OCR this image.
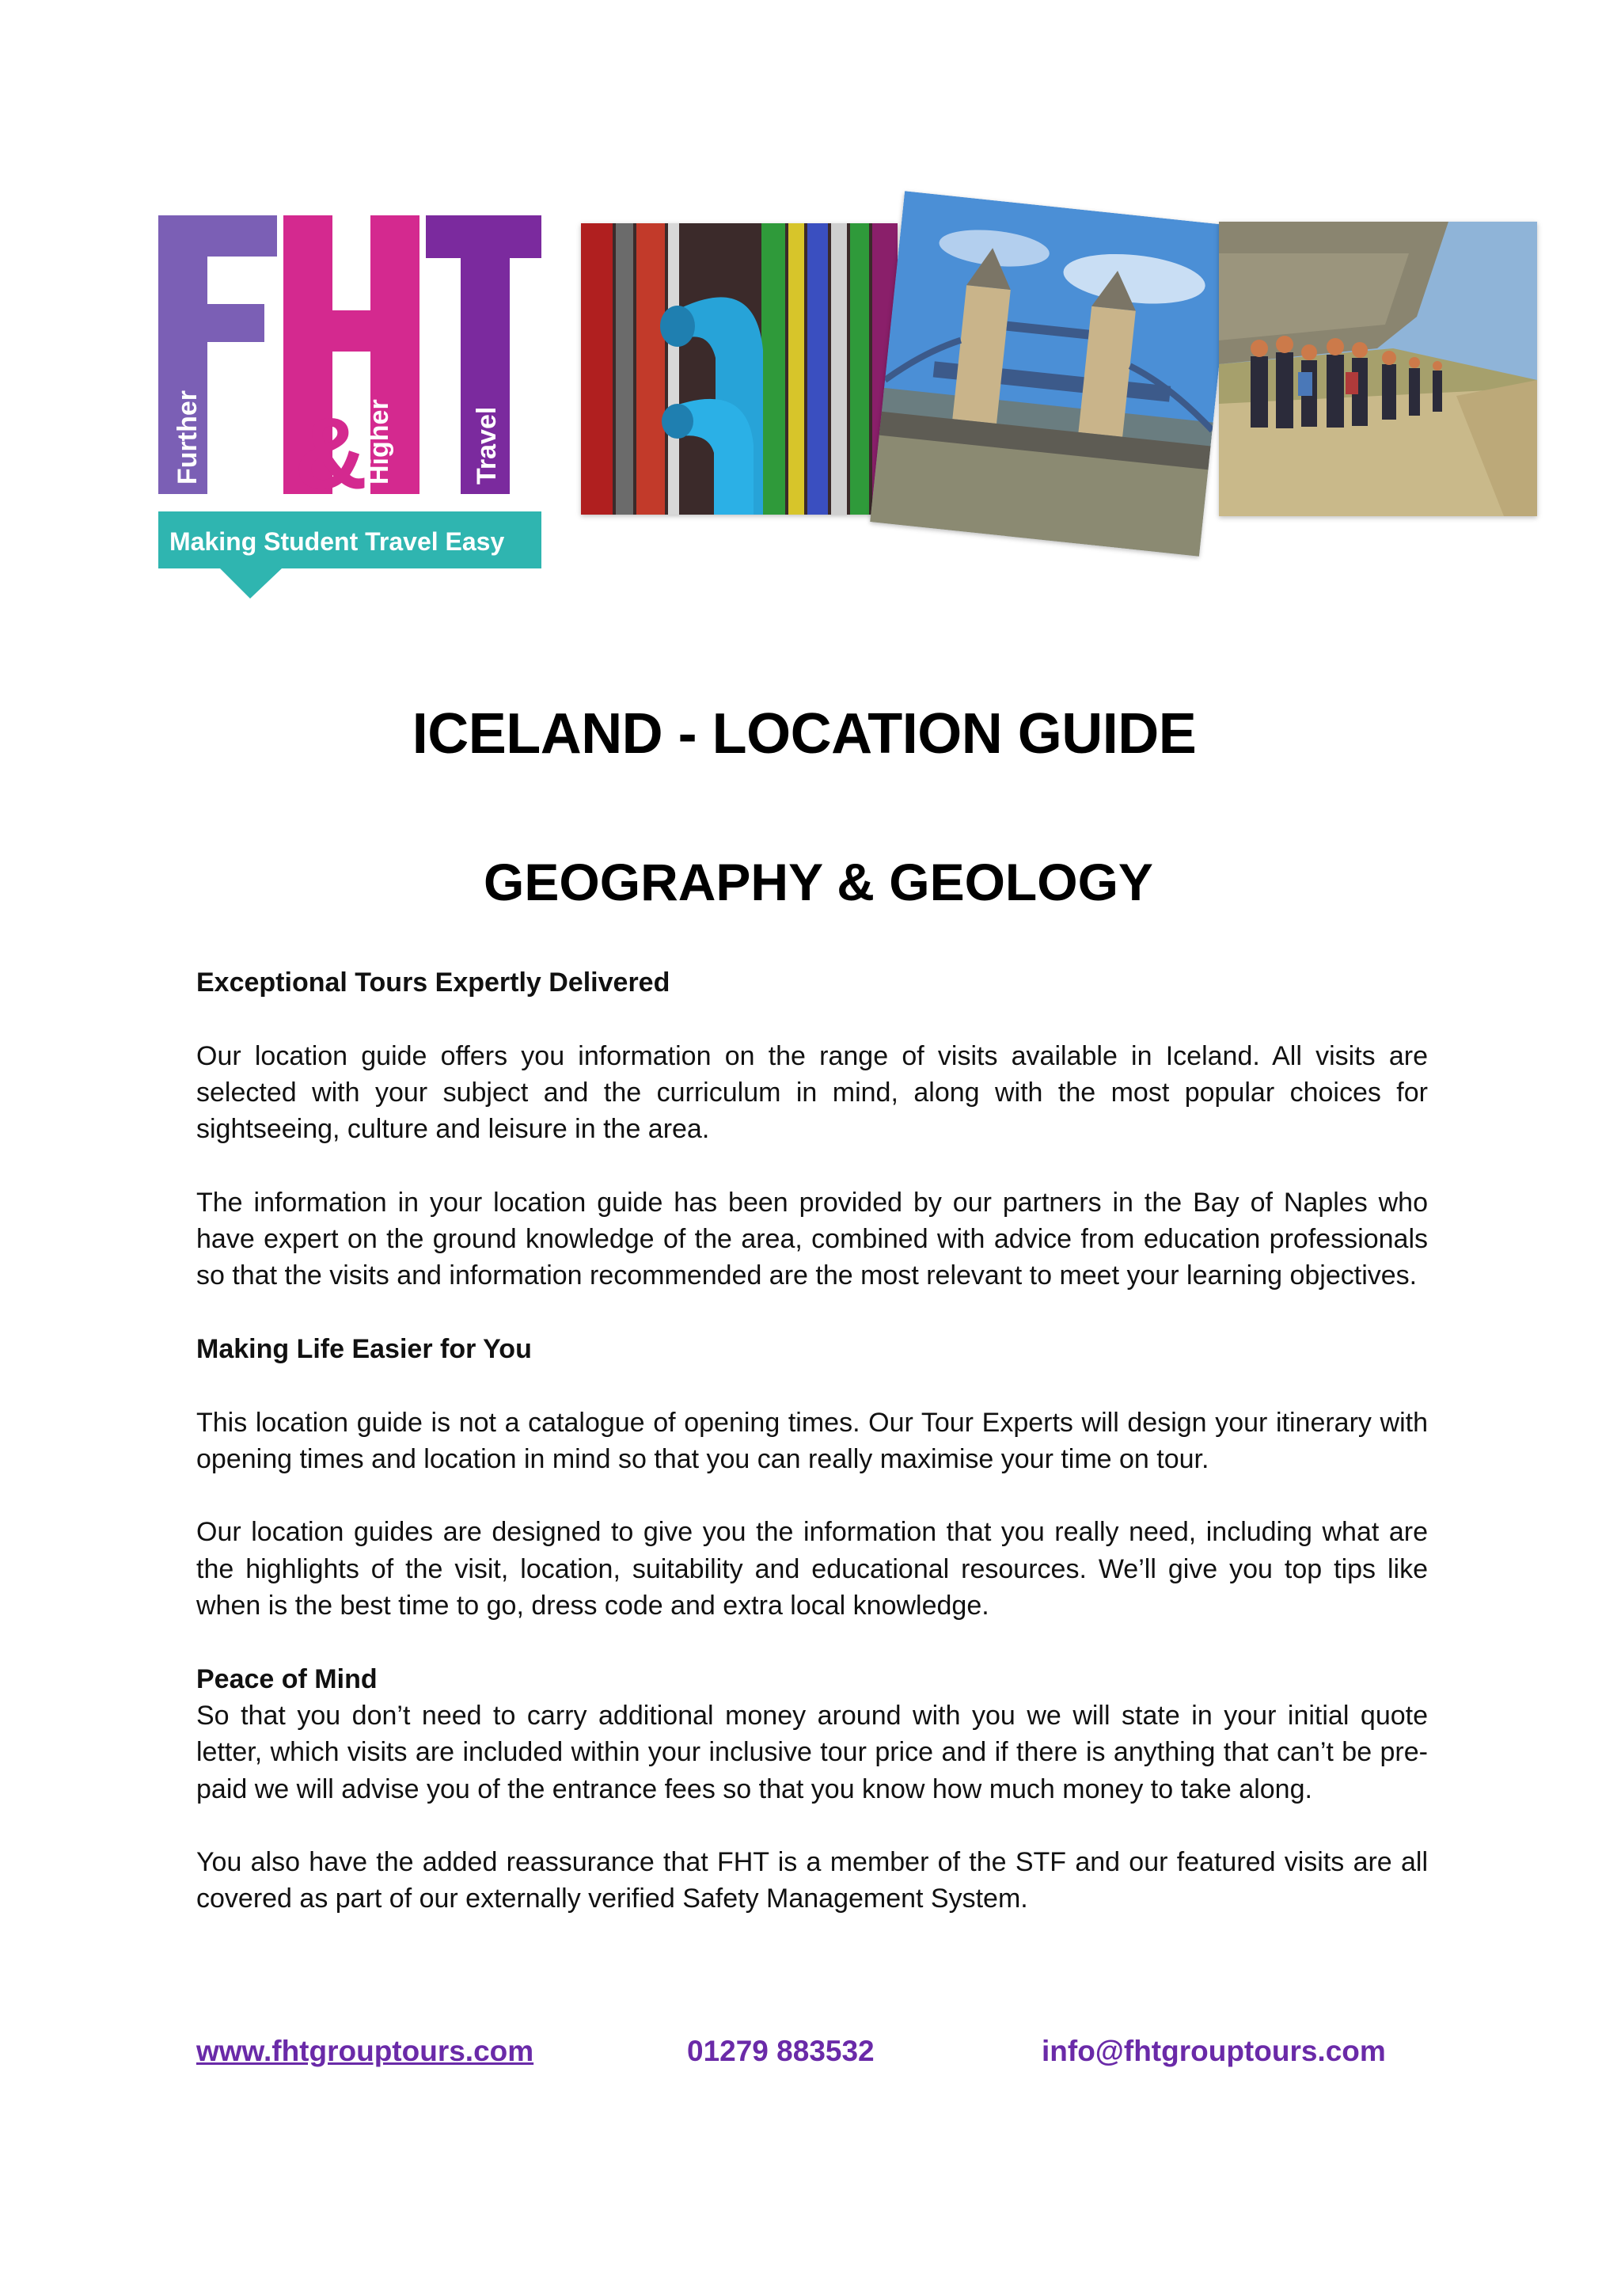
&
Further	Higher	Travel
Making Student Travel Easy
ICELAND - LOCATION GUIDE
GEOGRAPHY & GEOLOGY
Exceptional Tours Expertly Delivered

Our location guide offers you information on the range of visits available in Iceland. All visits are selected with your subject and the curriculum in mind, along with the most popular choices for sightseeing, culture and leisure in the area.

The information in your location guide has been provided by our partners in the Bay of Naples who have expert on the ground knowledge of the area, combined with advice from education professionals so that the visits and information recommended are the most relevant to meet your learning objectives.

Making Life Easier for You

This location guide is not a catalogue of opening times. Our Tour Experts will design your itinerary with opening times and location in mind so that you can really maximise your time on tour.

Our location guides are designed to give you the information that you really need, including what are the highlights of the visit, location, suitability and educational resources. We’ll give you top tips like when is the best time to go, dress code and extra local knowledge.

Peace of Mind

So that you don’t need to carry additional money around with you we will state in your initial quote letter, which visits are included within your inclusive tour price and if there is anything that can’t be pre-paid we will advise you of the entrance fees so that you know how much money to take along.

You also have the added reassurance that FHT is a member of the STF and our featured visits are all covered as part of our externally verified Safety Management System.

www.fhtgrouptours.com	01279 883532	info@fhtgrouptours.com
